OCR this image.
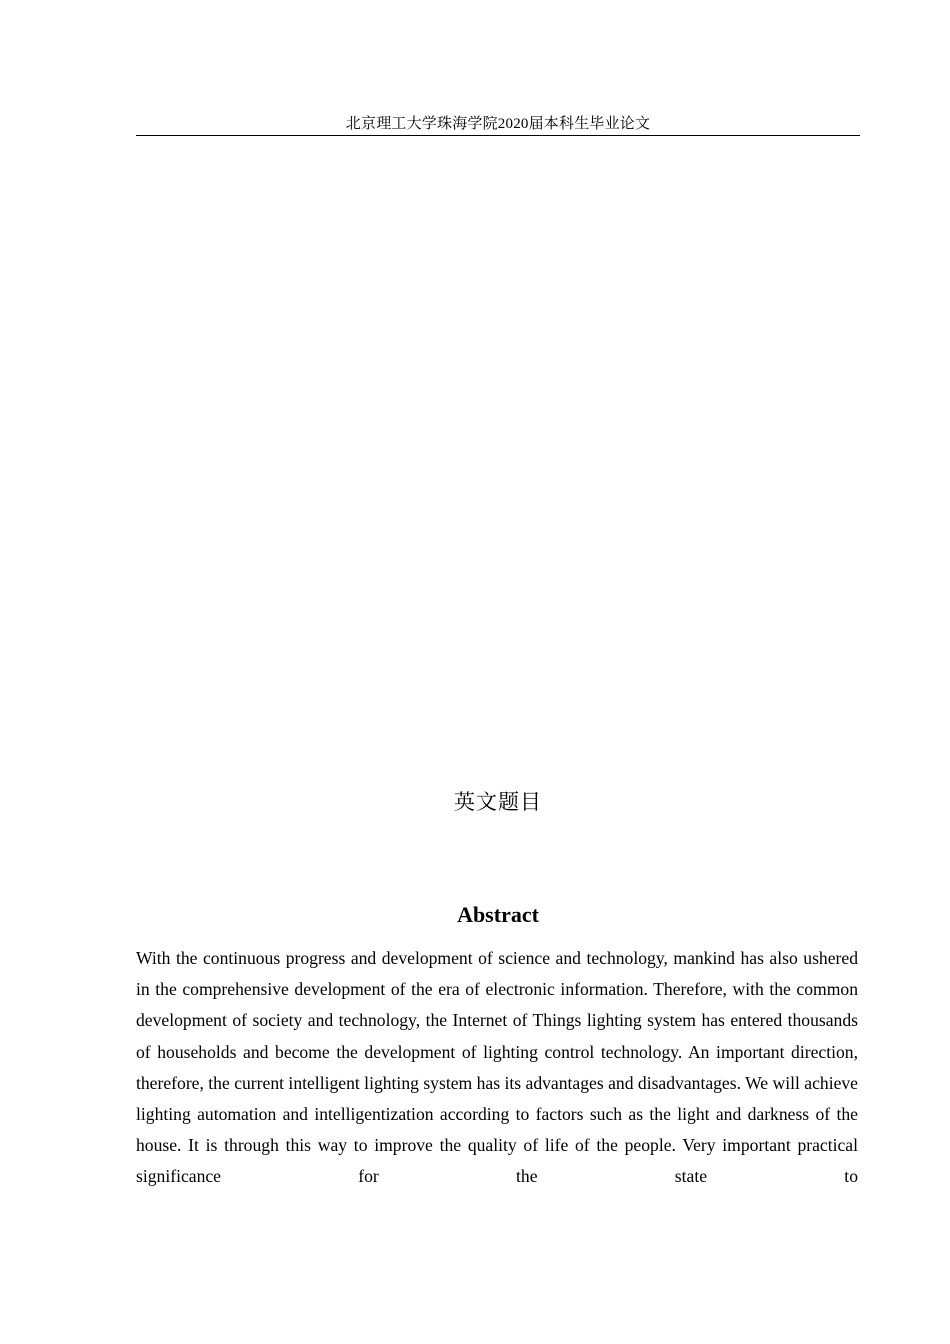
北京理工大学珠海学院2020届本科生毕业论文
英文题目
Abstract

With the continuous progress and development of science and technology, mankind has also ushered in the comprehensive development of the era of electronic information. Therefore, with the common development of society and technology, the Internet of Things lighting system has entered thousands of households and become the development of lighting control technology. An important direction, therefore, the current intelligent lighting system has its advantages and disadvantages. We will achieve lighting automation and intelligentization according to factors such as the light and darkness of the house. It is through this way to improve the quality of life of the people. Very important practical significance for the state to
